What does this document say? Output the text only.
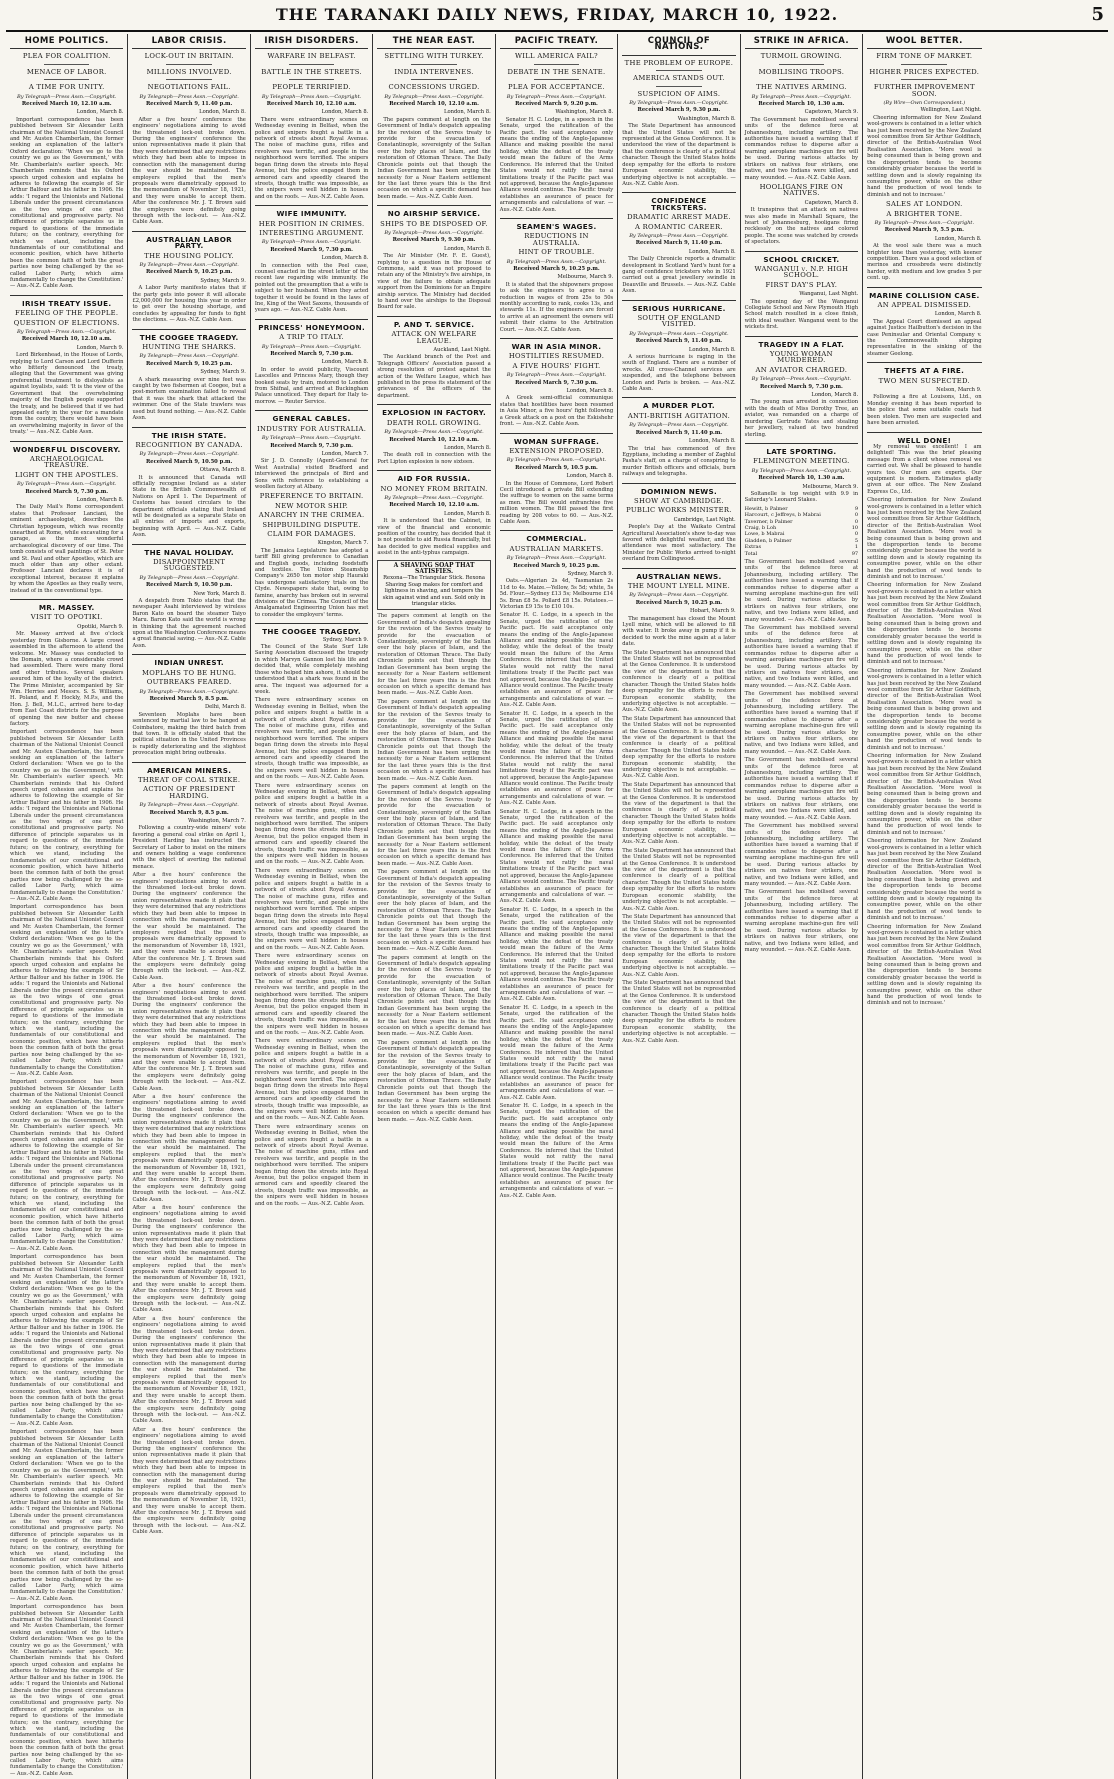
THE TARANAKI DAILY NEWS, FRIDAY, MARCH 10, 1922.	5
HOME POLITICS.
PLEA FOR COALITION.
MENACE OF LABOR.
A TIME FOR UNITY.
By Telegraph—Press Assn.—Copyright.
Received March 10, 12.10 a.m.
London, March 8.

Important correspondence has been published between Sir Alexander Leith chairman of the National Unionist Council and Mr. Austen Chamberlain, the former seeking an explanation of the latter's Oxford declaration: 'When we go to the country we go as the Government,' with Mr. Chamberlain's earlier speech. Mr. Chamberlain reminds that his Oxford speech urged cohesion and explains he adheres to following the example of Sir Arthur Balfour and his father in 1906. He adds: 'I regard the Unionists and National Liberals under the present circumstances as the two wings of one great constitutional and progressive party. No difference of principle separates us in regard to questions of the immediate future; on the contrary, everything for which we stand, including the fundamentals of our constitutional and economic position, which have hitherto been the common faith of both the great parties now being challenged by the so-called Labor Party, which aims fundamentally to change the Constitution.' — Aus.-N.Z. Cable Assn.

IRISH TREATY ISSUE.
FEELING OF THE PEOPLE.
QUESTION OF ELECTIONS.
By Telegraph—Press Assn.—Copyright.
Received March 10, 12.10 a.m.
London, March 9.

Lord Birkenhead, in the House of Lords, replying to Lord Carson and Lord Dufferin who bitterly denounced the treaty, alleging that the Government was giving preferential treatment to disloyalists as against loyalists, said: 'It is the view of the Government that the overwhelming majority of the English people supported the treaty, and he believed that if we had appealed early in the year for a mandate from the country, there would have been an overwhelming majority in favor of the treaty.' — Aus.-N.Z. Cable Assn.

WONDERFUL DISCOVERY.
ARCHAEOLOGICAL TREASURE.
LIGHT ON THE APOSTLES.
By Telegraph—Press Assn.—Copyright.
Received March 9, 7.30 p.m.
London, March 8.

The Daily Mail's Rome correspondent states that Professor Lanciani, the eminent archaeologist, describes the Christian hypogeum, which was recently unearthed at Rome, while excavating for a garage, as the most wonderful archaeological discovery of our time. The tomb consists of wall paintings of St. Peter and St. Paul and other Apostles, which are much older than any other extant. Professor Lanciani declares it is of exceptional interest, because it explains by whom the Apostles as they really were, instead of in the conventional type.

MR. MASSEY.
VISIT TO OPOTIKI.
Opotiki, March 9.

Mr. Massey arrived at five o'clock yesterday from Gisborne. A large crowd assembled in the afternoon to attend the welcome. Mr. Massey was conducted to the Domain, where a considerable crowd had assembled. There were many floral and other tributes. Several speakers assured him of the loyalty of the district. The Prime Minister, accompanied by Sir Wm. Herries and Messrs. S. S. Williams, H. Poland, and F. Hockly, M.P.s, and the Hon. J. Bell, M.L.C., arrived here to-day from East Coast districts for the purpose of opening the new butter and cheese factory.

Important correspondence has been published between Sir Alexander Leith chairman of the National Unionist Council and Mr. Austen Chamberlain, the former seeking an explanation of the latter's Oxford declaration: 'When we go to the country we go as the Government,' with Mr. Chamberlain's earlier speech. Mr. Chamberlain reminds that his Oxford speech urged cohesion and explains he adheres to following the example of Sir Arthur Balfour and his father in 1906. He adds: 'I regard the Unionists and National Liberals under the present circumstances as the two wings of one great constitutional and progressive party. No difference of principle separates us in regard to questions of the immediate future; on the contrary, everything for which we stand, including the fundamentals of our constitutional and economic position, which have hitherto been the common faith of both the great parties now being challenged by the so-called Labor Party, which aims fundamentally to change the Constitution.' — Aus.-N.Z. Cable Assn.

Important correspondence has been published between Sir Alexander Leith chairman of the National Unionist Council and Mr. Austen Chamberlain, the former seeking an explanation of the latter's Oxford declaration: 'When we go to the country we go as the Government,' with Mr. Chamberlain's earlier speech. Mr. Chamberlain reminds that his Oxford speech urged cohesion and explains he adheres to following the example of Sir Arthur Balfour and his father in 1906. He adds: 'I regard the Unionists and National Liberals under the present circumstances as the two wings of one great constitutional and progressive party. No difference of principle separates us in regard to questions of the immediate future; on the contrary, everything for which we stand, including the fundamentals of our constitutional and economic position, which have hitherto been the common faith of both the great parties now being challenged by the so-called Labor Party, which aims fundamentally to change the Constitution.' — Aus.-N.Z. Cable Assn.

Important correspondence has been published between Sir Alexander Leith chairman of the National Unionist Council and Mr. Austen Chamberlain, the former seeking an explanation of the latter's Oxford declaration: 'When we go to the country we go as the Government,' with Mr. Chamberlain's earlier speech. Mr. Chamberlain reminds that his Oxford speech urged cohesion and explains he adheres to following the example of Sir Arthur Balfour and his father in 1906. He adds: 'I regard the Unionists and National Liberals under the present circumstances as the two wings of one great constitutional and progressive party. No difference of principle separates us in regard to questions of the immediate future; on the contrary, everything for which we stand, including the fundamentals of our constitutional and economic position, which have hitherto been the common faith of both the great parties now being challenged by the so-called Labor Party, which aims fundamentally to change the Constitution.' — Aus.-N.Z. Cable Assn.

Important correspondence has been published between Sir Alexander Leith chairman of the National Unionist Council and Mr. Austen Chamberlain, the former seeking an explanation of the latter's Oxford declaration: 'When we go to the country we go as the Government,' with Mr. Chamberlain's earlier speech. Mr. Chamberlain reminds that his Oxford speech urged cohesion and explains he adheres to following the example of Sir Arthur Balfour and his father in 1906. He adds: 'I regard the Unionists and National Liberals under the present circumstances as the two wings of one great constitutional and progressive party. No difference of principle separates us in regard to questions of the immediate future; on the contrary, everything for which we stand, including the fundamentals of our constitutional and economic position, which have hitherto been the common faith of both the great parties now being challenged by the so-called Labor Party, which aims fundamentally to change the Constitution.' — Aus.-N.Z. Cable Assn.

Important correspondence has been published between Sir Alexander Leith chairman of the National Unionist Council and Mr. Austen Chamberlain, the former seeking an explanation of the latter's Oxford declaration: 'When we go to the country we go as the Government,' with Mr. Chamberlain's earlier speech. Mr. Chamberlain reminds that his Oxford speech urged cohesion and explains he adheres to following the example of Sir Arthur Balfour and his father in 1906. He adds: 'I regard the Unionists and National Liberals under the present circumstances as the two wings of one great constitutional and progressive party. No difference of principle separates us in regard to questions of the immediate future; on the contrary, everything for which we stand, including the fundamentals of our constitutional and economic position, which have hitherto been the common faith of both the great parties now being challenged by the so-called Labor Party, which aims fundamentally to change the Constitution.' — Aus.-N.Z. Cable Assn.

Important correspondence has been published between Sir Alexander Leith chairman of the National Unionist Council and Mr. Austen Chamberlain, the former seeking an explanation of the latter's Oxford declaration: 'When we go to the country we go as the Government,' with Mr. Chamberlain's earlier speech. Mr. Chamberlain reminds that his Oxford speech urged cohesion and explains he adheres to following the example of Sir Arthur Balfour and his father in 1906. He adds: 'I regard the Unionists and National Liberals under the present circumstances as the two wings of one great constitutional and progressive party. No difference of principle separates us in regard to questions of the immediate future; on the contrary, everything for which we stand, including the fundamentals of our constitutional and economic position, which have hitherto been the common faith of both the great parties now being challenged by the so-called Labor Party, which aims fundamentally to change the Constitution.' — Aus.-N.Z. Cable Assn.

LABOR CRISIS.
LOCK-OUT IN BRITAIN.
MILLIONS INVOLVED.
NEGOTIATIONS FAIL.
By Telegraph—Press Assn.—Copyright.
Received March 9, 11.40 p.m.
London, March 8.

After a five hours' conference the engineers' negotiations aiming to avoid the threatened lock-out broke down. During the engineers' conference the union representatives made it plain that they were determined that any restrictions which they had been able to impose in connection with the management during the war should be maintained. The employers replied that the men's proposals were diametrically opposed to the memorandum of November 18, 1921, and they were unable to accept them. After the conference Mr. J. T. Brown said the employers were definitely going through with the lock-out. — Aus.-N.Z. Cable Assn.

AUSTRALIAN LABOR PARTY.
THE HOUSING POLICY.
By Telegraph—Press Assn.—Copyright.
Received March 9, 10.25 p.m.
Sydney, March 9.

A Labor Party manifesto states that if the party gets into power it will allocate £2,000,000 for housing this year in order to get over the housing shortage, and concludes by appealing for funds to fight the elections. — Aus.-N.Z. Cable Assn.

THE COOGEE TRAGEDY.
HUNTING THE SHARKS.
By Telegraph—Press Assn.—Copyright.
Received March 9, 10.25 p.m.
Sydney, March 9.

A shark measuring over nine feet was caught by two fishermen at Coogee, but a post-mortem examination failed to reveal that it was the shark that attacked the swimmer. One of the State trawlers was used but found nothing. — Aus.-N.Z. Cable Assn.

THE IRISH STATE.
RECOGNITION BY CANADA.
By Telegraph—Press Assn.—Copyright.
Received March 9, 10.50 p.m.
Ottawa, March 8.

It is announced that Canada will officially recognise Ireland as a sister State in the British Commonwealth of Nations on April 1. The Department of Customs has issued circulars to the department officials stating that Ireland will be designated as a separate State on all entries of imports and exports, beginning with April. — Aus.-N.Z. Cable Assn.

THE NAVAL HOLIDAY.
DISAPPOINTMENT SUGGESTED.
By Telegraph—Press Assn.—Copyright.
Received March 9, 10.50 p.m.
New York, March 8.

A despatch from Tokio states that the newspaper Asahi interviewed by wireless Baron Kato on board the steamer Taiyo Maru. Baron Kato said the world is wrong in thinking that the agreement reached upon at the Washington Conference means a great financial saving. — Aus.-N.Z. Cable Assn.

INDIAN UNREST.
MOPLAHS TO BE HUNG.
OUTBREAKS FEARED.
By Telegraph—Press Assn.—Copyright.
Received March 9, 8.5 p.m.
Delhi, March 8.

Seventeen Moplahs have been sentenced by martial law to be hanged at Coimbatore, making the third batch from that town. It is officially stated that the political situation in the United Provinces is rapidly deteriorating and the slightest provocation might bring outbreaks.

AMERICAN MINERS.
THREAT OF COAL STRIKE.
ACTION OF PRESIDENT HARDING.
By Telegraph—Press Assn.—Copyright.
Received March 9, 8.5 p.m.
Washington, March 7.

Following a country-wide miners' vote favoring a general coal strike on April 1, President Harding has instructed the Secretary of Labor to insist on the miners and owners holding a wage conference with the object of averting the national menace.

After a five hours' conference the engineers' negotiations aiming to avoid the threatened lock-out broke down. During the engineers' conference the union representatives made it plain that they were determined that any restrictions which they had been able to impose in connection with the management during the war should be maintained. The employers replied that the men's proposals were diametrically opposed to the memorandum of November 18, 1921, and they were unable to accept them. After the conference Mr. J. T. Brown said the employers were definitely going through with the lock-out. — Aus.-N.Z. Cable Assn.

After a five hours' conference the engineers' negotiations aiming to avoid the threatened lock-out broke down. During the engineers' conference the union representatives made it plain that they were determined that any restrictions which they had been able to impose in connection with the management during the war should be maintained. The employers replied that the men's proposals were diametrically opposed to the memorandum of November 18, 1921, and they were unable to accept them. After the conference Mr. J. T. Brown said the employers were definitely going through with the lock-out. — Aus.-N.Z. Cable Assn.

After a five hours' conference the engineers' negotiations aiming to avoid the threatened lock-out broke down. During the engineers' conference the union representatives made it plain that they were determined that any restrictions which they had been able to impose in connection with the management during the war should be maintained. The employers replied that the men's proposals were diametrically opposed to the memorandum of November 18, 1921, and they were unable to accept them. After the conference Mr. J. T. Brown said the employers were definitely going through with the lock-out. — Aus.-N.Z. Cable Assn.

After a five hours' conference the engineers' negotiations aiming to avoid the threatened lock-out broke down. During the engineers' conference the union representatives made it plain that they were determined that any restrictions which they had been able to impose in connection with the management during the war should be maintained. The employers replied that the men's proposals were diametrically opposed to the memorandum of November 18, 1921, and they were unable to accept them. After the conference Mr. J. T. Brown said the employers were definitely going through with the lock-out. — Aus.-N.Z. Cable Assn.

After a five hours' conference the engineers' negotiations aiming to avoid the threatened lock-out broke down. During the engineers' conference the union representatives made it plain that they were determined that any restrictions which they had been able to impose in connection with the management during the war should be maintained. The employers replied that the men's proposals were diametrically opposed to the memorandum of November 18, 1921, and they were unable to accept them. After the conference Mr. J. T. Brown said the employers were definitely going through with the lock-out. — Aus.-N.Z. Cable Assn.

After a five hours' conference the engineers' negotiations aiming to avoid the threatened lock-out broke down. During the engineers' conference the union representatives made it plain that they were determined that any restrictions which they had been able to impose in connection with the management during the war should be maintained. The employers replied that the men's proposals were diametrically opposed to the memorandum of November 18, 1921, and they were unable to accept them. After the conference Mr. J. T. Brown said the employers were definitely going through with the lock-out. — Aus.-N.Z. Cable Assn.

IRISH DISORDERS.
WARFARE IN BELFAST.
BATTLE IN THE STREETS.
PEOPLE TERRIFIED.
By Telegraph—Press Assn.—Copyright.
Received March 10, 12.10 a.m.
London, March 8.

There were extraordinary scenes on Wednesday evening in Belfast, when the police and snipers fought a battle in a network of streets about Royal Avenue. The noise of machine guns, rifles and revolvers was terrific, and people in the neighborhood were terrified. The snipers began firing down the streets into Royal Avenue, but the police engaged them in armored cars and speedily cleared the streets, though traffic was impossible, as the snipers were well hidden in houses and on the roofs. — Aus.-N.Z. Cable Assn.

WIFE IMMUNITY.
HER POSITION IN CRIMES.
INTERESTING ARGUMENT.
By Telegraph—Press Assn.—Copyright.
Received March 9, 7.30 p.m.
London, March 8.

In connection with the Peel case, counsel enacted in the street letter of the recent law regarding wife immunity. He pointed out the presumption that a wife is subject to her husband. When they acted together it would be found in the laws of Ine, King of the West Saxons, thousands of years ago. — Aus.-N.Z. Cable Assn.

PRINCESS' HONEYMOON.
A TRIP TO ITALY.
By Telegraph—Press Assn.—Copyright.
Received March 9, 7.30 p.m.
London, March 8.

In order to avoid publicity, Viscount Lascelles and Princess Mary, though they booked seats by train, motored to London from Shifnal, and arrived at Buckingham Palace unnoticed. They depart for Italy to-morrow. — Reuter Service.

GENERAL CABLES.
INDUSTRY FOR AUSTRALIA.
By Telegraph—Press Assn.—Copyright.
Received March 9, 7.30 p.m.
London, March 7.

Sir J. D. Connolly (Agent-General for West Australia) visited Bradford and interviewed the principals of Bird and Sons with reference to establishing a woollen factory at Albany.

PREFERENCE TO BRITAIN.
NEW MOTOR SHIP.
ANARCHY IN THE CRIMEA.
SHIPBUILDING DISPUTE.
CLAIM FOR DAMAGES.
Kingston, March 7.

The Jamaica Legislature has adopted a tariff Bill giving preference to Canadian and English goods, including foodstuffs and textiles. The Union Steamship Company's 2650 ton motor ship Hauraki has undergone satisfactory trials on the Clyde. Newspapers state that, owing to famine, anarchy has broken out in several divisions of the Crimea. The Council of the Amalgamated Engineering Union has met to consider the employers' terms.

THE COOGEE TRAGEDY.
Sydney, March 9.

The Council of the State Surf Life Saving Association discussed the tragedy in which Marvyn Gannon lost his life and decided that, while completely meshing those who helped him ashore, it should be understood that a shark was found in the area. The inquest was adjourned for a week.

There were extraordinary scenes on Wednesday evening in Belfast, when the police and snipers fought a battle in a network of streets about Royal Avenue. The noise of machine guns, rifles and revolvers was terrific, and people in the neighborhood were terrified. The snipers began firing down the streets into Royal Avenue, but the police engaged them in armored cars and speedily cleared the streets, though traffic was impossible, as the snipers were well hidden in houses and on the roofs. — Aus.-N.Z. Cable Assn.

There were extraordinary scenes on Wednesday evening in Belfast, when the police and snipers fought a battle in a network of streets about Royal Avenue. The noise of machine guns, rifles and revolvers was terrific, and people in the neighborhood were terrified. The snipers began firing down the streets into Royal Avenue, but the police engaged them in armored cars and speedily cleared the streets, though traffic was impossible, as the snipers were well hidden in houses and on the roofs. — Aus.-N.Z. Cable Assn.

There were extraordinary scenes on Wednesday evening in Belfast, when the police and snipers fought a battle in a network of streets about Royal Avenue. The noise of machine guns, rifles and revolvers was terrific, and people in the neighborhood were terrified. The snipers began firing down the streets into Royal Avenue, but the police engaged them in armored cars and speedily cleared the streets, though traffic was impossible, as the snipers were well hidden in houses and on the roofs. — Aus.-N.Z. Cable Assn.

There were extraordinary scenes on Wednesday evening in Belfast, when the police and snipers fought a battle in a network of streets about Royal Avenue. The noise of machine guns, rifles and revolvers was terrific, and people in the neighborhood were terrified. The snipers began firing down the streets into Royal Avenue, but the police engaged them in armored cars and speedily cleared the streets, though traffic was impossible, as the snipers were well hidden in houses and on the roofs. — Aus.-N.Z. Cable Assn.

There were extraordinary scenes on Wednesday evening in Belfast, when the police and snipers fought a battle in a network of streets about Royal Avenue. The noise of machine guns, rifles and revolvers was terrific, and people in the neighborhood were terrified. The snipers began firing down the streets into Royal Avenue, but the police engaged them in armored cars and speedily cleared the streets, though traffic was impossible, as the snipers were well hidden in houses and on the roofs. — Aus.-N.Z. Cable Assn.

There were extraordinary scenes on Wednesday evening in Belfast, when the police and snipers fought a battle in a network of streets about Royal Avenue. The noise of machine guns, rifles and revolvers was terrific, and people in the neighborhood were terrified. The snipers began firing down the streets into Royal Avenue, but the police engaged them in armored cars and speedily cleared the streets, though traffic was impossible, as the snipers were well hidden in houses and on the roofs. — Aus.-N.Z. Cable Assn.

THE NEAR EAST.
SETTLING WITH TURKEY.
INDIA INTERVENES.
CONCESSIONS URGED.
By Telegraph—Press Assn.—Copyright.
Received March 10, 12.10 a.m.
London, March 8.

The papers comment at length on the Government of India's despatch appealing for the revision of the Sevres treaty to provide for the evacuation of Constantinople, sovereignty of the Sultan over the holy places of Islam, and the restoration of Ottoman Thrace. The Daily Chronicle points out that though the Indian Government has been urging the necessity for a Near Eastern settlement for the last three years this is the first occasion on which a specific demand has been made. — Aus.-N.Z. Cable Assn.

NO AIRSHIP SERVICE.
SHIPS TO BE DISPOSED OF.
By Telegraph—Press Assn.—Copyright.
Received March 9, 9.30 p.m.
London, March 8.

The Air Minister (Mr. F. E. Guest), replying to a question in the House of Commons, said it was not proposed to retain any of the Ministry's five airships, in view of the failure to obtain adequate support from the Dominions for an Empire airship service. The Ministry had decided to hand over the airships to the Disposal Board for sale.

P. AND T. SERVICE.
ATTACK ON WELFARE LEAGUE.
Auckland, Last Night.

The Auckland branch of the Post and Telegraph Officers' Association passed a strong resolution of protest against the action of the Welfare League, which has published in the press its statement of the grievances of the officers of the department.

EXPLOSION IN FACTORY.
DEATH ROLL GROWING.
By Telegraph—Press Assn.—Copyright.
Received March 10, 12.10 a.m.
London, March 8.

The death roll in connection with the Port Lipton explosion is now sixteen.

AID FOR RUSSIA.
NO MONEY FROM BRITAIN.
By Telegraph—Press Assn.—Copyright.
Received March 10, 12.10 a.m.
London, March 8.

It is understood that the Cabinet, in view of the financial and economic position of the country, has decided that it is not possible to aid Russia financially, but has decided to give medical supplies and assist in the anti-typhus campaign.

A SHAVING SOAP THAT SATISFIES.
Rexona—The Triangular Stick. Rexona Shaving Soap makes for comfort and lightness in shaving, and tempers the skin against wind and sun. Sold only in triangular sticks.

The papers comment at length on the Government of India's despatch appealing for the revision of the Sevres treaty to provide for the evacuation of Constantinople, sovereignty of the Sultan over the holy places of Islam, and the restoration of Ottoman Thrace. The Daily Chronicle points out that though the Indian Government has been urging the necessity for a Near Eastern settlement for the last three years this is the first occasion on which a specific demand has been made. — Aus.-N.Z. Cable Assn.

The papers comment at length on the Government of India's despatch appealing for the revision of the Sevres treaty to provide for the evacuation of Constantinople, sovereignty of the Sultan over the holy places of Islam, and the restoration of Ottoman Thrace. The Daily Chronicle points out that though the Indian Government has been urging the necessity for a Near Eastern settlement for the last three years this is the first occasion on which a specific demand has been made. — Aus.-N.Z. Cable Assn.

The papers comment at length on the Government of India's despatch appealing for the revision of the Sevres treaty to provide for the evacuation of Constantinople, sovereignty of the Sultan over the holy places of Islam, and the restoration of Ottoman Thrace. The Daily Chronicle points out that though the Indian Government has been urging the necessity for a Near Eastern settlement for the last three years this is the first occasion on which a specific demand has been made. — Aus.-N.Z. Cable Assn.

The papers comment at length on the Government of India's despatch appealing for the revision of the Sevres treaty to provide for the evacuation of Constantinople, sovereignty of the Sultan over the holy places of Islam, and the restoration of Ottoman Thrace. The Daily Chronicle points out that though the Indian Government has been urging the necessity for a Near Eastern settlement for the last three years this is the first occasion on which a specific demand has been made. — Aus.-N.Z. Cable Assn.

The papers comment at length on the Government of India's despatch appealing for the revision of the Sevres treaty to provide for the evacuation of Constantinople, sovereignty of the Sultan over the holy places of Islam, and the restoration of Ottoman Thrace. The Daily Chronicle points out that though the Indian Government has been urging the necessity for a Near Eastern settlement for the last three years this is the first occasion on which a specific demand has been made. — Aus.-N.Z. Cable Assn.

The papers comment at length on the Government of India's despatch appealing for the revision of the Sevres treaty to provide for the evacuation of Constantinople, sovereignty of the Sultan over the holy places of Islam, and the restoration of Ottoman Thrace. The Daily Chronicle points out that though the Indian Government has been urging the necessity for a Near Eastern settlement for the last three years this is the first occasion on which a specific demand has been made. — Aus.-N.Z. Cable Assn.

PACIFIC TREATY.
WILL AMERICA FAIL?
DEBATE IN THE SENATE.
PLEA FOR ACCEPTANCE.
By Telegraph—Press Assn.—Copyright.
Received March 9, 9.20 p.m.
Washington, March 8.

Senator H. C. Lodge, in a speech in the Senate, urged the ratification of the Pacific pact. He said acceptance only means the ending of the Anglo-Japanese Alliance and making possible the naval holiday, while the defeat of the treaty would mean the failure of the Arms Conference. He inferred that the United States would not ratify the naval limitations treaty if the Pacific pact was not approved, because the Anglo-Japanese Alliance would continue. The Pacific treaty establishes an assurance of peace for arrangements and calculations of war. — Aus.-N.Z. Cable Assn.

SEAMEN'S WAGES.
REDUCTIONS IN AUSTRALIA.
HINT OF TROUBLE.
By Telegraph—Press Assn.—Copyright.
Received March 9, 10.25 p.m.
Melbourne, March 9.

It is stated that the shipowners propose to ask the engineers to agree to a reduction in wages of from 25s to 50s monthly according to rank, cooks 13s, and stewards 11s. If the engineers are forced to arrive at an agreement the owners will submit their claims to the Arbitration Court. — Aus.-N.Z. Cable Assn.

WAR IN ASIA MINOR.
HOSTILITIES RESUMED.
A FIVE HOURS' FIGHT.
By Telegraph—Press Assn.—Copyright.
Received March 9, 7.30 p.m.
London, March 8.

A Greek semi-official communique states that hostilities have been resumed in Asia Minor, a five hours' fight following a Greek attack on a post on the Eskishehr front. — Aus.-N.Z. Cable Assn.

WOMAN SUFFRAGE.
EXTENSION PROPOSED.
By Telegraph—Press Assn.—Copyright.
Received March 9, 10.5 p.m.
London, March 8.

In the House of Commons, Lord Robert Cecil introduced a private Bill extending the suffrage to women on the same terms as men. The Bill would enfranchise five million women. The Bill passed the first reading by 208 votes to 60. — Aus.-N.Z. Cable Assn.

COMMERCIAL.
AUSTRALIAN MARKETS.
By Telegraph—Press Assn.—Copyright.
Received March 9, 10.25 p.m.
Sydney, March 9.

Oats.—Algerian 2s 4d, Tasmanian 2s 11d to 4s. Maize.—Yellow, 5s 5d; white, 5s 5d. Flour.—Sydney £13 5s; Melbourne £14 5s. Bran £8 5s. Pollard £8 15s. Potatoes.—Victorian £9 15s to £10 10s.

Senator H. C. Lodge, in a speech in the Senate, urged the ratification of the Pacific pact. He said acceptance only means the ending of the Anglo-Japanese Alliance and making possible the naval holiday, while the defeat of the treaty would mean the failure of the Arms Conference. He inferred that the United States would not ratify the naval limitations treaty if the Pacific pact was not approved, because the Anglo-Japanese Alliance would continue. The Pacific treaty establishes an assurance of peace for arrangements and calculations of war. — Aus.-N.Z. Cable Assn.

Senator H. C. Lodge, in a speech in the Senate, urged the ratification of the Pacific pact. He said acceptance only means the ending of the Anglo-Japanese Alliance and making possible the naval holiday, while the defeat of the treaty would mean the failure of the Arms Conference. He inferred that the United States would not ratify the naval limitations treaty if the Pacific pact was not approved, because the Anglo-Japanese Alliance would continue. The Pacific treaty establishes an assurance of peace for arrangements and calculations of war. — Aus.-N.Z. Cable Assn.

Senator H. C. Lodge, in a speech in the Senate, urged the ratification of the Pacific pact. He said acceptance only means the ending of the Anglo-Japanese Alliance and making possible the naval holiday, while the defeat of the treaty would mean the failure of the Arms Conference. He inferred that the United States would not ratify the naval limitations treaty if the Pacific pact was not approved, because the Anglo-Japanese Alliance would continue. The Pacific treaty establishes an assurance of peace for arrangements and calculations of war. — Aus.-N.Z. Cable Assn.

Senator H. C. Lodge, in a speech in the Senate, urged the ratification of the Pacific pact. He said acceptance only means the ending of the Anglo-Japanese Alliance and making possible the naval holiday, while the defeat of the treaty would mean the failure of the Arms Conference. He inferred that the United States would not ratify the naval limitations treaty if the Pacific pact was not approved, because the Anglo-Japanese Alliance would continue. The Pacific treaty establishes an assurance of peace for arrangements and calculations of war. — Aus.-N.Z. Cable Assn.

Senator H. C. Lodge, in a speech in the Senate, urged the ratification of the Pacific pact. He said acceptance only means the ending of the Anglo-Japanese Alliance and making possible the naval holiday, while the defeat of the treaty would mean the failure of the Arms Conference. He inferred that the United States would not ratify the naval limitations treaty if the Pacific pact was not approved, because the Anglo-Japanese Alliance would continue. The Pacific treaty establishes an assurance of peace for arrangements and calculations of war. — Aus.-N.Z. Cable Assn.

Senator H. C. Lodge, in a speech in the Senate, urged the ratification of the Pacific pact. He said acceptance only means the ending of the Anglo-Japanese Alliance and making possible the naval holiday, while the defeat of the treaty would mean the failure of the Arms Conference. He inferred that the United States would not ratify the naval limitations treaty if the Pacific pact was not approved, because the Anglo-Japanese Alliance would continue. The Pacific treaty establishes an assurance of peace for arrangements and calculations of war. — Aus.-N.Z. Cable Assn.

COUNCIL OF NATIONS.
THE PROBLEM OF EUROPE.
AMERICA STANDS OUT.
SUSPICION OF AIMS.
By Telegraph—Press Assn.—Copyright.
Received March 9, 9.30 p.m.
Washington, March 8.

The State Department has announced that the United States will not be represented at the Genoa Conference. It is understood the view of the department is that the conference is clearly of a political character. Though the United States holds deep sympathy for the efforts to restore European economic stability, the underlying objective is not acceptable. — Aus.-N.Z. Cable Assn.

CONFIDENCE TRICKSTERS.
DRAMATIC ARREST MADE.
A ROMANTIC CAREER.
By Telegraph—Press Assn.—Copyright.
Received March 9, 11.40 p.m.
London, March 8.

The Daily Chronicle reports a dramatic development in Scotland Yard's hunt for a gang of confidence tricksters who in 1921 carried out a great jewellery swindle in Deauville and Brussels. — Aus.-N.Z. Cable Assn.

SERIOUS HURRICANE.
SOUTH OF ENGLAND VISITED.
By Telegraph—Press Assn.—Copyright.
Received March 9, 11.40 p.m.
London, March 8.

A serious hurricane is raging in the south of England. There are a number of wrecks. All cross-Channel services are suspended, and the telephone between London and Paris is broken. — Aus.-N.Z. Cable Assn.

A MURDER PLOT.
ANTI-BRITISH AGITATION.
By Telegraph—Press Assn.—Copyright.
Received March 9, 11.40 p.m.
London, March 8.

The trial has commenced of five Egyptians, including a member of Zaghlul Pasha's staff, on a charge of conspiring to murder British officers and officials, burn railways and telegraphs.

DOMINION NEWS.
SHOW AT CAMBRIDGE.
PUBLIC WORKS MINISTER.
Cambridge, Last Night.

People's Day at the Waikato Central Agricultural Association's show to-day was favored with delightful weather, and the attendance was most satisfactory. The Minister for Public Works arrived to-night overland from Collingwood.

AUSTRALIAN NEWS.
THE MOUNT LYELL MINE.
By Telegraph—Press Assn.—Copyright.
Received March 9, 10.25 p.m.
Hobart, March 9.

The management has closed the Mount Lyell mine, which will be allowed to fill with water. It broke away in pump if it is decided to work the mine again at a later date.

The State Department has announced that the United States will not be represented at the Genoa Conference. It is understood the view of the department is that the conference is clearly of a political character. Though the United States holds deep sympathy for the efforts to restore European economic stability, the underlying objective is not acceptable. — Aus.-N.Z. Cable Assn.

The State Department has announced that the United States will not be represented at the Genoa Conference. It is understood the view of the department is that the conference is clearly of a political character. Though the United States holds deep sympathy for the efforts to restore European economic stability, the underlying objective is not acceptable. — Aus.-N.Z. Cable Assn.

The State Department has announced that the United States will not be represented at the Genoa Conference. It is understood the view of the department is that the conference is clearly of a political character. Though the United States holds deep sympathy for the efforts to restore European economic stability, the underlying objective is not acceptable. — Aus.-N.Z. Cable Assn.

The State Department has announced that the United States will not be represented at the Genoa Conference. It is understood the view of the department is that the conference is clearly of a political character. Though the United States holds deep sympathy for the efforts to restore European economic stability, the underlying objective is not acceptable. — Aus.-N.Z. Cable Assn.

The State Department has announced that the United States will not be represented at the Genoa Conference. It is understood the view of the department is that the conference is clearly of a political character. Though the United States holds deep sympathy for the efforts to restore European economic stability, the underlying objective is not acceptable. — Aus.-N.Z. Cable Assn.

The State Department has announced that the United States will not be represented at the Genoa Conference. It is understood the view of the department is that the conference is clearly of a political character. Though the United States holds deep sympathy for the efforts to restore European economic stability, the underlying objective is not acceptable. — Aus.-N.Z. Cable Assn.

STRIKE IN AFRICA.
TURMOIL GROWING.
MOBILISING TROOPS.
THE NATIVES ARMING.
By Telegraph—Press Assn.—Copyright.
Received March 10, 1.30 a.m.
Capetown, March 9.

The Government has mobilised several units of the defence force at Johannesburg, including artillery. The authorities have issued a warning that if commandos refuse to disperse after a warning aeroplane machine-gun fire will be used. During various attacks by strikers on natives four strikers, one native, and two Indians were killed, and many wounded. — Aus.-N.Z. Cable Assn.

HOOLIGANS FIRE ON NATIVES.
Capetown, March 8.

It transpires that an attack on natives was also made in Marshall Square, the heart of Johannesburg, hooligans firing recklessly on the natives and colored people. The scene was watched by crowds of spectators.

SCHOOL CRICKET.
WANGANUI v. N.P. HIGH SCHOOL.
FIRST DAY'S PLAY.
Wanganui, Last Night.

The opening day of the Wanganui Collegiate School and New Plymouth High School match resulted in a close finish, with ideal weather. Wanganui went to the wickets first.

TRAGEDY IN A FLAT.
YOUNG WOMAN MURDERED.
AN AVIATOR CHARGED.
By Telegraph—Press Assn.—Copyright.
Received March 9, 7.30 p.m.
London, March 8.

The young man arrested in connection with the death of Miss Dorothy Tree, an aviator, was remanded on a charge of murdering Gertrude Yates and stealing her jewellery, valued at two hundred sterling.

LATE SPORTING.
FLEMINGTON MEETING.
By Telegraph—Press Assn.—Copyright.
Received March 10, 1.30 a.m.
Melbourne, March 9.

Soltanelle is top weight with 9.9 in Saturday's Leonard Stakes.

Hewitt, b Palmer	9
Harcourt, c Jeffreys, b Mabrai	0
Taverner, b Palmer	0
Craig, b Loh	10
Lowe, b Mabrai	0
Gladden, b Palmer	5
Extras	1
Total	97

The Government has mobilised several units of the defence force at Johannesburg, including artillery. The authorities have issued a warning that if commandos refuse to disperse after a warning aeroplane machine-gun fire will be used. During various attacks by strikers on natives four strikers, one native, and two Indians were killed, and many wounded. — Aus.-N.Z. Cable Assn.

The Government has mobilised several units of the defence force at Johannesburg, including artillery. The authorities have issued a warning that if commandos refuse to disperse after a warning aeroplane machine-gun fire will be used. During various attacks by strikers on natives four strikers, one native, and two Indians were killed, and many wounded. — Aus.-N.Z. Cable Assn.

The Government has mobilised several units of the defence force at Johannesburg, including artillery. The authorities have issued a warning that if commandos refuse to disperse after a warning aeroplane machine-gun fire will be used. During various attacks by strikers on natives four strikers, one native, and two Indians were killed, and many wounded. — Aus.-N.Z. Cable Assn.

The Government has mobilised several units of the defence force at Johannesburg, including artillery. The authorities have issued a warning that if commandos refuse to disperse after a warning aeroplane machine-gun fire will be used. During various attacks by strikers on natives four strikers, one native, and two Indians were killed, and many wounded. — Aus.-N.Z. Cable Assn.

The Government has mobilised several units of the defence force at Johannesburg, including artillery. The authorities have issued a warning that if commandos refuse to disperse after a warning aeroplane machine-gun fire will be used. During various attacks by strikers on natives four strikers, one native, and two Indians were killed, and many wounded. — Aus.-N.Z. Cable Assn.

The Government has mobilised several units of the defence force at Johannesburg, including artillery. The authorities have issued a warning that if commandos refuse to disperse after a warning aeroplane machine-gun fire will be used. During various attacks by strikers on natives four strikers, one native, and two Indians were killed, and many wounded. — Aus.-N.Z. Cable Assn.

WOOL BETTER.
FIRM TONE OF MARKET.
HIGHER PRICES EXPECTED.
FURTHER IMPROVEMENT SOON.
(By Wire—Own Correspondent.)
Wellington, Last Night.

Cheering information for New Zealand wool-growers is contained in a letter which has just been received by the New Zealand wool committee from Sir Arthur Goldfinch, director of the British-Australian Wool Realisation Association. 'More wool is being consumed than is being grown and the disproportion tends to become considerably greater because the world is settling down and is slowly regaining its consumptive power, while on the other hand the production of wool tends to diminish and not to increase.'

SALES AT LONDON.
A BRIGHTER TONE.
By Telegraph—Press Assn.—Copyright.
Received March 9, 5.5 p.m.
London, March 8.

At the wool sale there was a much brighter tone than yesterday, with keener competition. There was a good selection of merinos and crossbreds were distinctly harder, with medium and low grades 5 per cent. up.

MARINE COLLISION CASE.
AN APPEAL DISMISSED.
London, March 8.

The Appeal Court dismissed an appeal against Justice Hailbutton's decision in the case Peninsular and Oriental Company v. the Commonwealth shipping representative in the sinking of the steamer Geelong.

THEFTS AT A FIRE.
TWO MEN SUSPECTED.
Nelson, March 9.

Following a fire at Louisons, Ltd., on Monday evening it has been reported to the police that some suitable coats had been stolen. Two men are suspected and have been arrested.

WELL DONE!

My removal was excellent! I am delighted! This was the brief pleasing message from a client whose removal we carried out. We shall be pleased to handle yours too. Our men are experts. Our equipment is modern. Estimates gladly given at our office. The New Zealand Express Co., Ltd.

Cheering information for New Zealand wool-growers is contained in a letter which has just been received by the New Zealand wool committee from Sir Arthur Goldfinch, director of the British-Australian Wool Realisation Association. 'More wool is being consumed than is being grown and the disproportion tends to become considerably greater because the world is settling down and is slowly regaining its consumptive power, while on the other hand the production of wool tends to diminish and not to increase.'

Cheering information for New Zealand wool-growers is contained in a letter which has just been received by the New Zealand wool committee from Sir Arthur Goldfinch, director of the British-Australian Wool Realisation Association. 'More wool is being consumed than is being grown and the disproportion tends to become considerably greater because the world is settling down and is slowly regaining its consumptive power, while on the other hand the production of wool tends to diminish and not to increase.'

Cheering information for New Zealand wool-growers is contained in a letter which has just been received by the New Zealand wool committee from Sir Arthur Goldfinch, director of the British-Australian Wool Realisation Association. 'More wool is being consumed than is being grown and the disproportion tends to become considerably greater because the world is settling down and is slowly regaining its consumptive power, while on the other hand the production of wool tends to diminish and not to increase.'

Cheering information for New Zealand wool-growers is contained in a letter which has just been received by the New Zealand wool committee from Sir Arthur Goldfinch, director of the British-Australian Wool Realisation Association. 'More wool is being consumed than is being grown and the disproportion tends to become considerably greater because the world is settling down and is slowly regaining its consumptive power, while on the other hand the production of wool tends to diminish and not to increase.'

Cheering information for New Zealand wool-growers is contained in a letter which has just been received by the New Zealand wool committee from Sir Arthur Goldfinch, director of the British-Australian Wool Realisation Association. 'More wool is being consumed than is being grown and the disproportion tends to become considerably greater because the world is settling down and is slowly regaining its consumptive power, while on the other hand the production of wool tends to diminish and not to increase.'

Cheering information for New Zealand wool-growers is contained in a letter which has just been received by the New Zealand wool committee from Sir Arthur Goldfinch, director of the British-Australian Wool Realisation Association. 'More wool is being consumed than is being grown and the disproportion tends to become considerably greater because the world is settling down and is slowly regaining its consumptive power, while on the other hand the production of wool tends to diminish and not to increase.'
